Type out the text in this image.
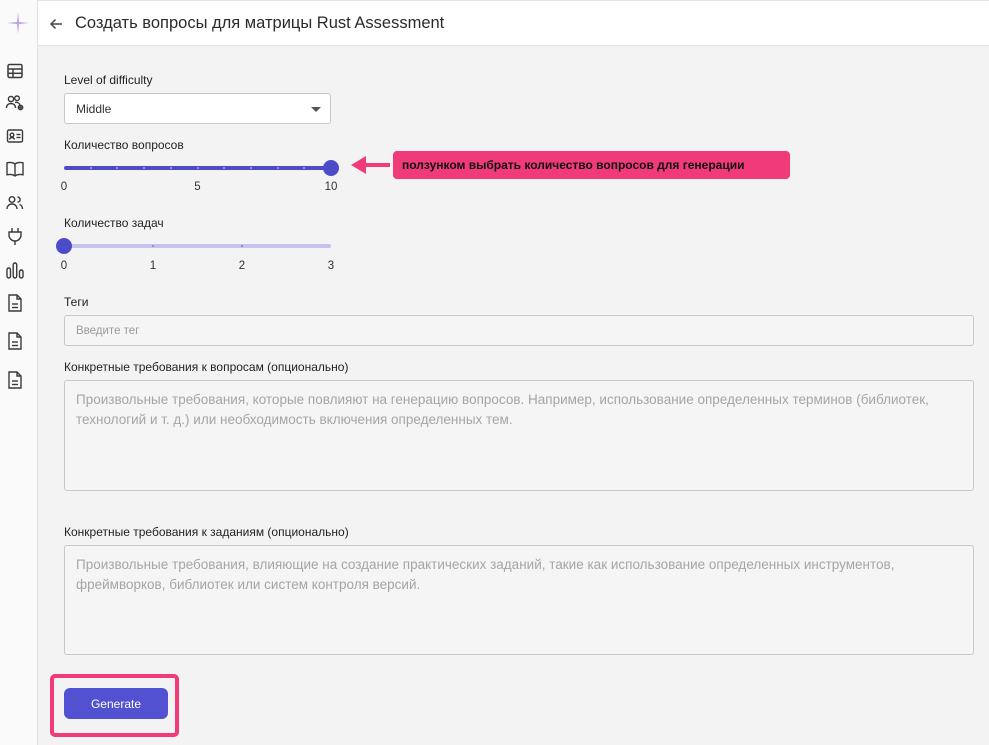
Создать вопросы для матрицы Rust Assessment
Level of difficulty
Middle
Количество вопросов
0	5	10
ползунком выбрать количество вопросов для генерации
Количество задач
0	1	2	3
Теги
Введите тег
Конкретные требования к вопросам (опционально)
Произвольные требования, которые повлияют на генерацию вопросов. Например, использование определенных терминов (библиотек, технологий и т. д.) или необходимость включения определенных тем.
Конкретные требования к заданиям (опционально)
Произвольные требования, влияющие на создание практических заданий, такие как использование определенных инструментов, фреймворков, библиотек или систем контроля версий.
Generate
